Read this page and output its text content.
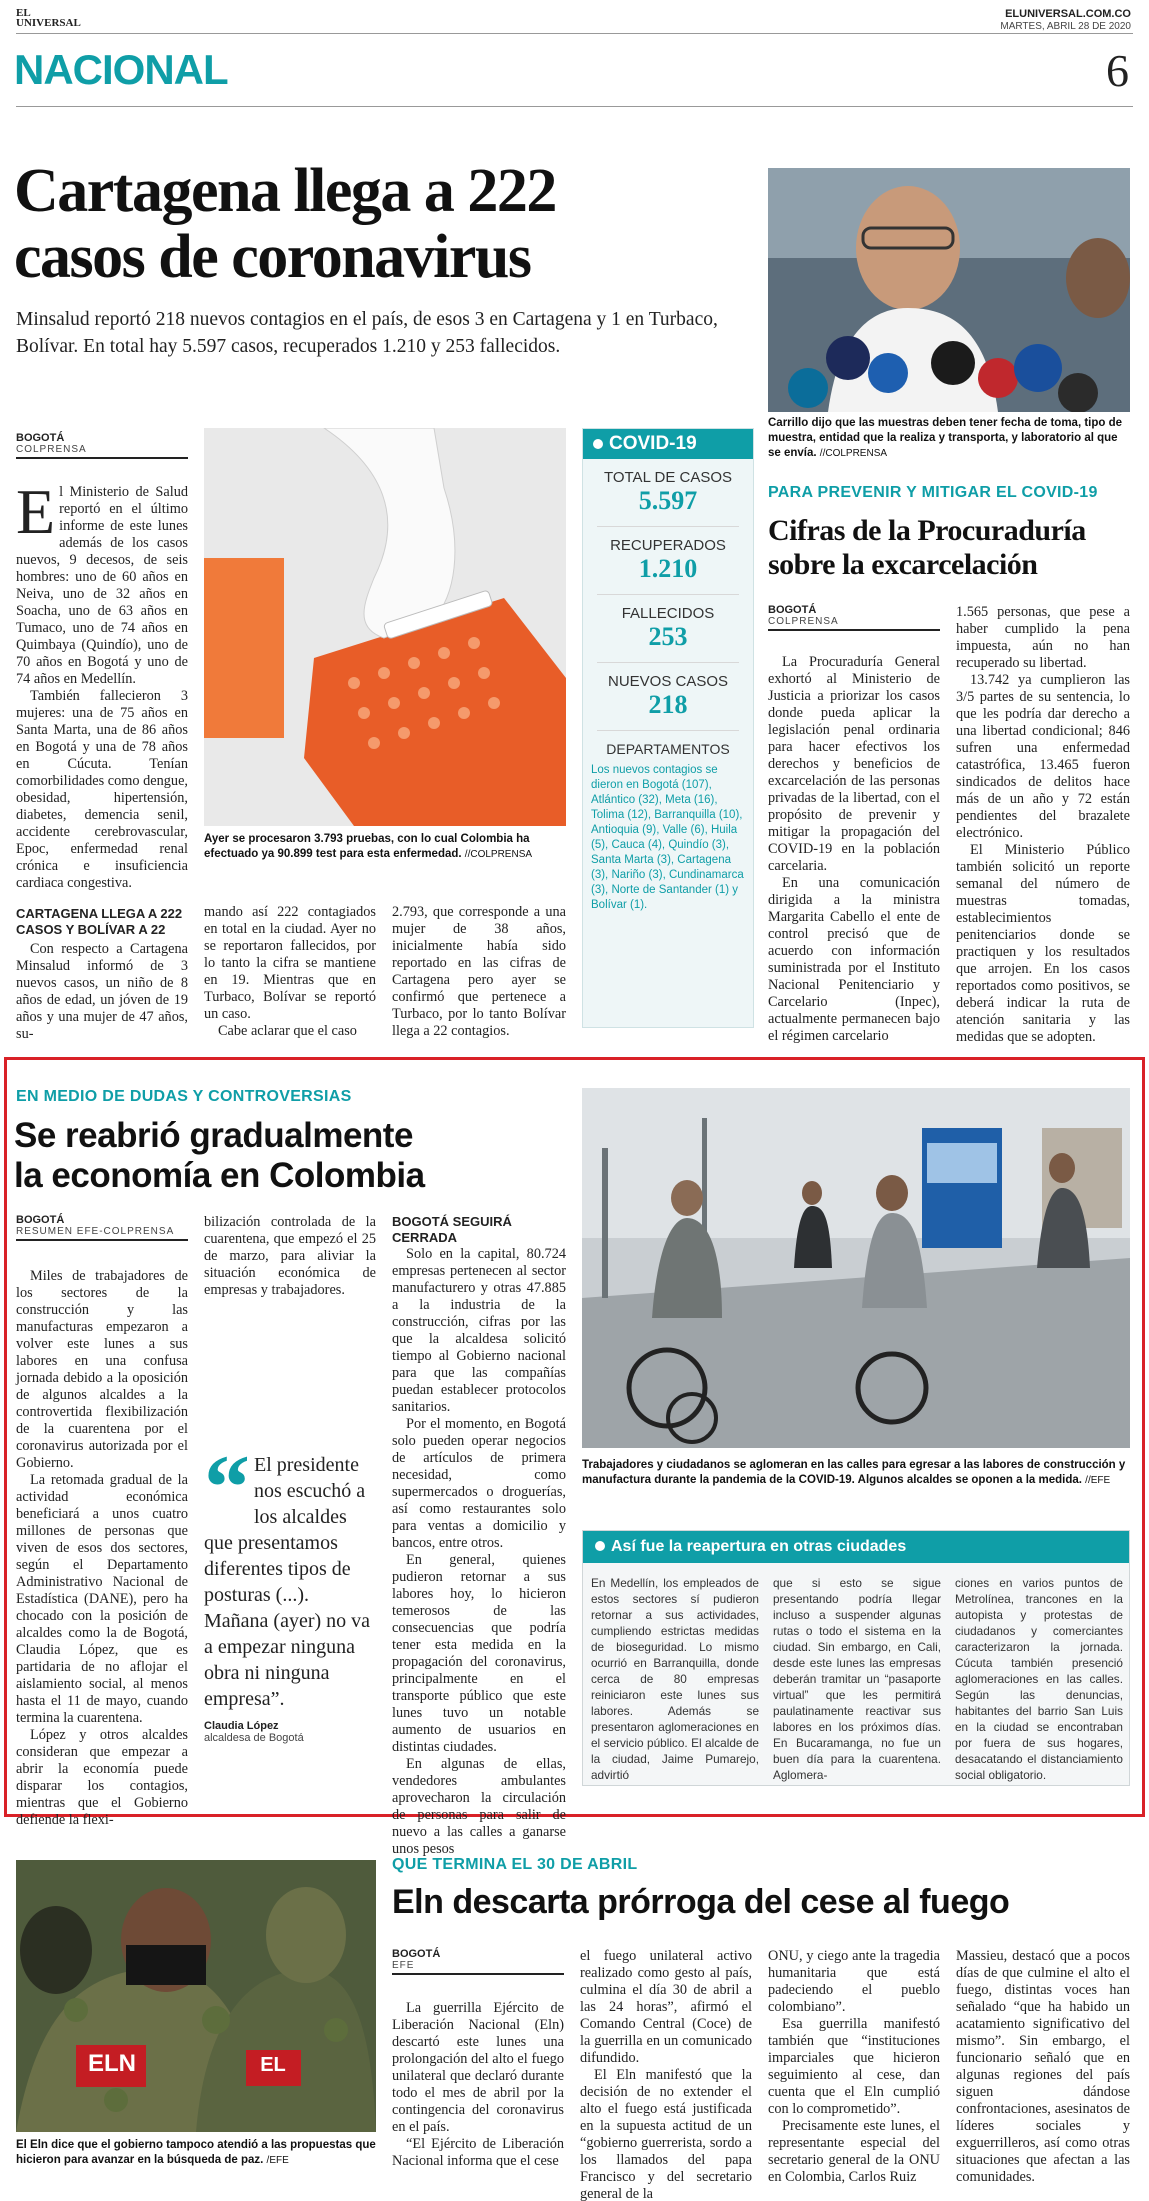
EL
UNIVERSAL
ELUNIVERSAL.COM.CO
MARTES, ABRIL 28 DE 2020
NACIONAL	6
Cartagena llega a 222
casos de coronavirus
Minsalud reportó 218 nuevos contagios en el país, de esos 3 en Cartagena y 1 en Turbaco, Bolívar. En total hay 5.597 casos, recuperados 1.210 y 253 fallecidos.
BOGOTÁ
COLPRENSA

El Ministerio de Salud reportó en el último informe de este lunes además de los casos nuevos, 9 decesos, de seis hombres: uno de 60 años en Neiva, uno de 32 años en Soacha, uno de 63 años en Tumaco, uno de 74 años en Quimbaya (Quindío), uno de 70 años en Bogotá y uno de 74 años en Medellín.

También fallecieron 3 mujeres: una de 75 años en Santa Marta, una de 86 años en Bogotá y una de 78 años en Cúcuta. Tenían comorbilidades como dengue, obesidad, hipertensión, diabetes, demencia senil, accidente cerebrovascular, Epoc, enfermedad renal crónica e insuficiencia cardiaca congestiva.

CARTAGENA LLEGA A 222 CASOS Y BOLÍVAR A 22

Con respecto a Cartagena Minsalud informó de 3 nuevos casos, un niño de 8 años de edad, un jóven de 19 años y una mujer de 47 años, su-

Ayer se procesaron 3.793 pruebas, con lo cual Colombia ha efectuado ya 90.899 test para esta enfermedad. //COLPRENSA

mando así 222 contagiados en total en la ciudad. Ayer no se reportaron fallecidos, por lo tanto la cifra se mantiene en 19. Mientras que en Turbaco, Bolívar se reportó un caso.

Cabe aclarar que el caso

2.793, que corresponde a una mujer de 38 años, inicialmente había sido reportado en las cifras de Cartagena pero ayer se confirmó que pertenece a Turbaco, por lo tanto Bolívar llega a 22 contagios.

COVID-19
TOTAL DE CASOS
5.597
RECUPERADOS
1.210
FALLECIDOS
253
NUEVOS CASOS
218
DEPARTAMENTOS
Los nuevos contagios se dieron en Bogotá (107), Atlántico (32), Meta (16), Tolima (12), Barranquilla (10), Antioquia (9), Valle (6), Huila (5), Cauca (4), Quindío (3), Santa Marta (3), Cartagena (3), Nariño (3), Cundinamarca (3), Norte de Santander (1) y Bolívar (1).
Carrillo dijo que las muestras deben tener fecha de toma, tipo de muestra, entidad que la realiza y transporta, y laboratorio al que se envía. //COLPRENSA
PARA PREVENIR Y MITIGAR EL COVID-19
Cifras de la Procuraduría
sobre la excarcelación
BOGOTÁ
COLPRENSA

La Procuraduría General exhortó al Ministerio de Justicia a priorizar los casos donde pueda aplicar la legislación penal ordinaria para hacer efectivos los derechos y beneficios de excarcelación de las personas privadas de la libertad, con el propósito de prevenir y mitigar la propagación del COVID-19 en la población carcelaria.

En una comunicación dirigida a la ministra Margarita Cabello el ente de control precisó que de acuerdo con información suministrada por el Instituto Nacional Penitenciario y Carcelario (Inpec), actualmente permanecen bajo el régimen carcelario

1.565 personas, que pese a haber cumplido la pena impuesta, aún no han recuperado su libertad.

13.742 ya cumplieron las 3/5 partes de su sentencia, lo que les podría dar derecho a una libertad condicional; 846 sufren una enfermedad catastrófica, 13.465 fueron sindicados de delitos hace más de un año y 72 están pendientes del brazalete electrónico.

El Ministerio Público también solicitó un reporte semanal del número de muestras tomadas, establecimientos penitenciarios donde se practiquen y los resultados que arrojen. En los casos reportados como positivos, se deberá indicar la ruta de atención sanitaria y las medidas que se adopten.

EN MEDIO DE DUDAS Y CONTROVERSIAS
Se reabrió gradualmente
la economía en Colombia
BOGOTÁ
RESUMEN EFE-COLPRENSA

Miles de trabajadores de los sectores de la construcción y las manufacturas empezaron a volver este lunes a sus labores en una confusa jornada debido a la oposición de algunos alcaldes a la controvertida flexibilización de la cuarentena por el coronavirus autorizada por el Gobierno.

La retomada gradual de la actividad económica beneficiará a unos cuatro millones de personas que viven de esos dos sectores, según el Departamento Administrativo Nacional de Estadística (DANE), pero ha chocado con la posición de alcaldes como la de Bogotá, Claudia López, que es partidaria de no aflojar el aislamiento social, al menos hasta el 11 de mayo, cuando termina la cuarentena.

López y otros alcaldes consideran que empezar a abrir la economía puede disparar los contagios, mientras que el Gobierno defiende la flexi-

bilización controlada de la cuarentena, que empezó el 25 de marzo, para aliviar la situación económica de empresas y trabajadores.

“ El presidente nos escuchó a los alcaldes que presentamos diferentes tipos de posturas (...). Mañana (ayer) no va a empezar ninguna obra ni ninguna empresa”.
Claudia López
alcaldesa de Bogotá
BOGOTÁ SEGUIRÁ CERRADA

Solo en la capital, 80.724 empresas pertenecen al sector manufacturero y otras 47.885 a la industria de la construcción, cifras por las que la alcaldesa solicitó tiempo al Gobierno nacional para que las compañías puedan establecer protocolos sanitarios.

Por el momento, en Bogotá solo pueden operar negocios de artículos de primera necesidad, como supermercados o droguerías, así como restaurantes solo para ventas a domicilio y bancos, entre otros.

En general, quienes pudieron retornar a sus labores hoy, lo hicieron temerosos de las consecuencias que podría tener esta medida en la propagación del coronavirus, principalmente en el transporte público que este lunes tuvo un notable aumento de usuarios en distintas ciudades.

En algunas de ellas, vendedores ambulantes aprovecharon la circulación de personas para salir de nuevo a las calles a ganarse unos pesos

Trabajadores y ciudadanos se aglomeran en las calles para egresar a las labores de construcción y manufactura durante la pandemia de la COVID-19. Algunos alcaldes se oponen a la medida. //EFE
Así fue la reapertura en otras ciudades
En Medellín, los empleados de estos sectores sí pudieron retornar a sus actividades, cumpliendo estrictas medidas de bioseguridad. Lo mismo ocurrió en Barranquilla, donde cerca de 80 empresas reiniciaron este lunes sus labores. Además se presentaron aglomeraciones en el servicio público. El alcalde de la ciudad, Jaime Pumarejo, advirtió
que si esto se sigue presentando podría llegar incluso a suspender algunas rutas o todo el sistema en la ciudad. Sin embargo, en Cali, desde este lunes las empresas deberán tramitar un “pasaporte virtual” que les permitirá paulatinamente reactivar sus labores en los próximos días. En Bucaramanga, no fue un buen día para la cuarentena. Aglomera-
ciones en varios puntos de Metrolínea, trancones en la autopista y protestas de ciudadanos y comerciantes caracterizaron la jornada. Cúcuta también presenció aglomeraciones en las calles. Según las denuncias, habitantes del barrio San Luis en la ciudad se encontraban por fuera de sus hogares, desacatando el distanciamiento social obligatorio.
ELN	EL
El Eln dice que el gobierno tampoco atendió a las propuestas que hicieron para avanzar en la búsqueda de paz. /EFE
QUE TERMINA EL 30 DE ABRIL
Eln descarta prórroga del cese al fuego
BOGOTÁ
EFE

La guerrilla Ejército de Liberación Nacional (Eln) descartó este lunes una prolongación del alto el fuego unilateral que declaró durante todo el mes de abril por la contingencia del coronavirus en el país.

“El Ejército de Liberación Nacional informa que el cese

el fuego unilateral activo realizado como gesto al país, culmina el día 30 de abril a las 24 horas”, afirmó el Comando Central (Coce) de la guerrilla en un comunicado difundido.

El Eln manifestó que la decisión de no extender el alto el fuego está justificada en la supuesta actitud de un “gobierno guerrerista, sordo a los llamados del papa Francisco y del secretario general de la

ONU, y ciego ante la tragedia humanitaria que está padeciendo el pueblo colombiano”.

Esa guerrilla manifestó también que “instituciones imparciales que hicieron seguimiento al cese, dan cuenta que el Eln cumplió con lo comprometido”.

Precisamente este lunes, el representante especial del secretario general de la ONU en Colombia, Carlos Ruiz

Massieu, destacó que a pocos días de que culmine el alto el fuego, distintas voces han señalado “que ha habido un acatamiento significativo del mismo”. Sin embargo, el funcionario señaló que en algunas regiones del país siguen dándose confrontaciones, asesinatos de líderes sociales y exguerrilleros, así como otras situaciones que afectan a las comunidades.
